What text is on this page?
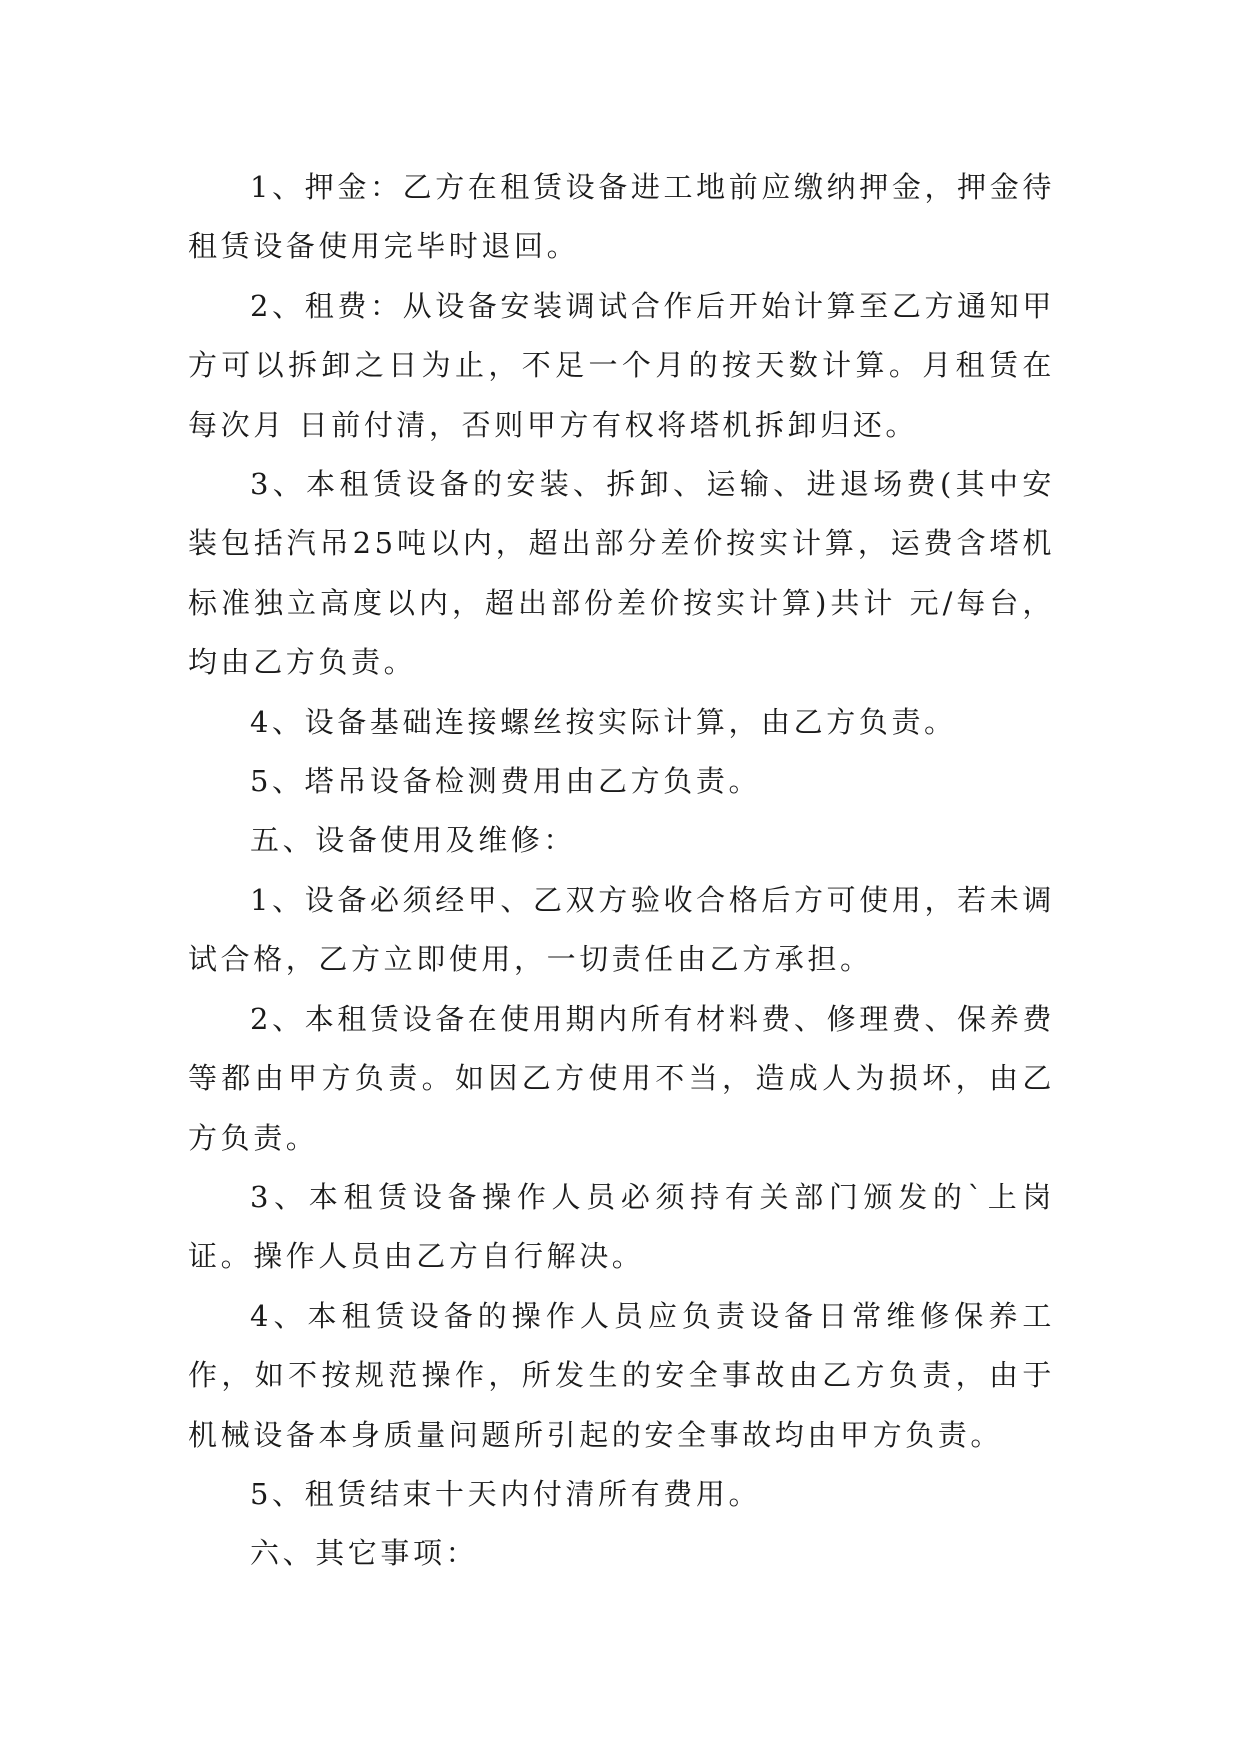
1、押金：乙方在租赁设备进工地前应缴纳押金，押金待租赁设备使用完毕时退回。

2、租费：从设备安装调试合作后开始计算至乙方通知甲方可以拆卸之日为止，不足一个月的按天数计算。月租赁在每次月 日前付清，否则甲方有权将塔机拆卸归还。

3、本租赁设备的安装、拆卸、运输、进退场费(其中安装包括汽吊25吨以内，超出部分差价按实计算，运费含塔机标准独立高度以内，超出部份差价按实计算)共计 元/每台，均由乙方负责。

4、设备基础连接螺丝按实际计算，由乙方负责。

5、塔吊设备检测费用由乙方负责。

五、设备使用及维修：

1、设备必须经甲、乙双方验收合格后方可使用，若未调试合格，乙方立即使用，一切责任由乙方承担。

2、本租赁设备在使用期内所有材料费、修理费、保养费等都由甲方负责。如因乙方使用不当，造成人为损坏，由乙方负责。

3、本租赁设备操作人员必须持有关部门颁发的`上岗证。操作人员由乙方自行解决。

4、本租赁设备的操作人员应负责设备日常维修保养工作，如不按规范操作，所发生的安全事故由乙方负责，由于机械设备本身质量问题所引起的安全事故均由甲方负责。

5、租赁结束十天内付清所有费用。

六、其它事项：
